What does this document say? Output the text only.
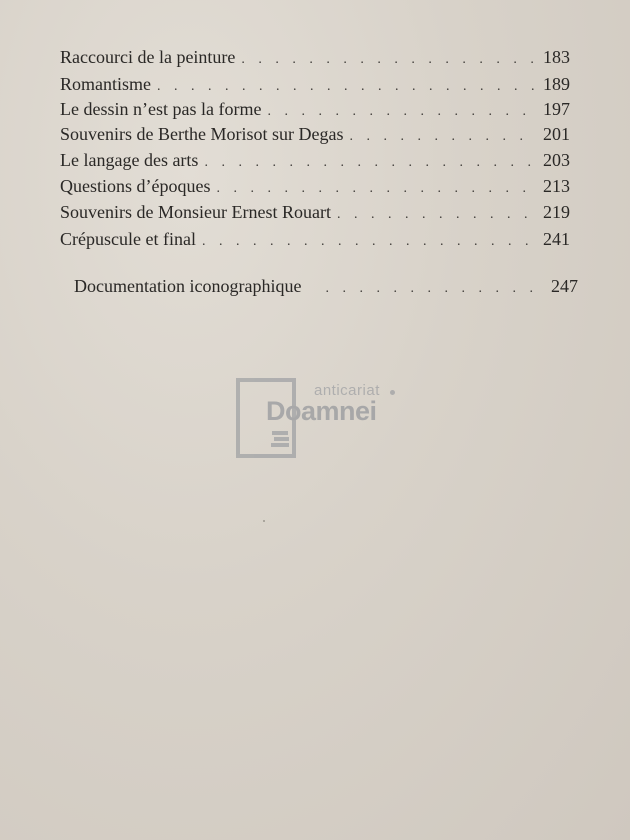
Raccourci de la peinture . . .	183
Romantisme . . .	189
Le dessin n’est pas la forme . . .	197
Souvenirs de Berthe Morisot sur Degas . . .	201
Le langage des arts . . .	203
Questions d’époques . . .	213
Souvenirs de Monsieur Ernest Rouart . . .	219
Crépuscule et final . . .	241
Documentation iconographique . . .	247
anticariat
Doamnei
